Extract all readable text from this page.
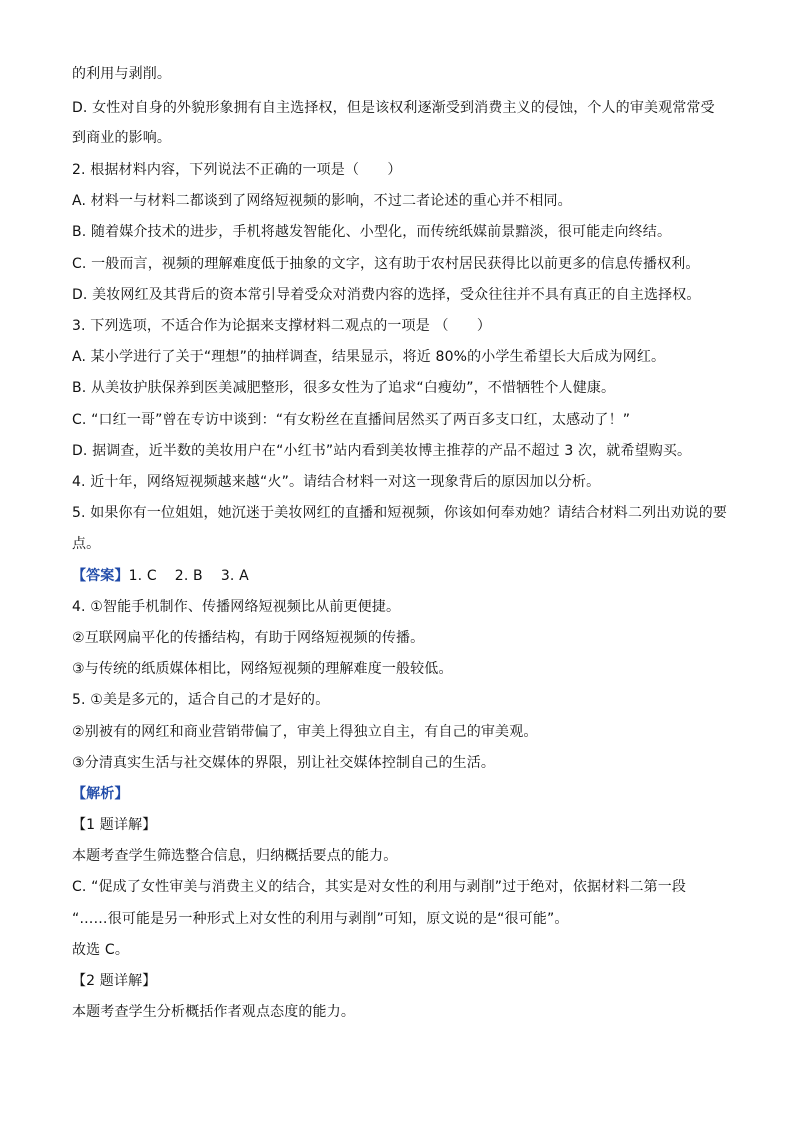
的利用与剥削。
D. 女性对自身的外貌形象拥有自主选择权，但是该权利逐渐受到消费主义的侵蚀，个人的审美观常常受
到商业的影响。
2. 根据材料内容，下列说法不正确的一项是（　　）
A. 材料一与材料二都谈到了网络短视频的影响，不过二者论述的重心并不相同。
B. 随着媒介技术的进步，手机将越发智能化、小型化，而传统纸媒前景黯淡，很可能走向终结。
C. 一般而言，视频的理解难度低于抽象的文字，这有助于农村居民获得比以前更多的信息传播权利。
D. 美妆网红及其背后的资本常引导着受众对消费内容的选择，受众往往并不具有真正的自主选择权。
3. 下列选项，不适合作为论据来支撑材料二观点的一项是 （　　）
A. 某小学进行了关于“理想”的抽样调查，结果显示，将近 80%的小学生希望长大后成为网红。
B. 从美妆护肤保养到医美减肥整形，很多女性为了追求“白瘦幼”，不惜牺牲个人健康。
C. “口红一哥”曾在专访中谈到：“有女粉丝在直播间居然买了两百多支口红，太感动了！”
D. 据调查，近半数的美妆用户在“小红书”站内看到美妆博主推荐的产品不超过 3 次，就希望购买。
4. 近十年，网络短视频越来越“火”。请结合材料一对这一现象背后的原因加以分析。
5. 如果你有一位姐姐，她沉迷于美妆网红的直播和短视频，你该如何奉劝她？请结合材料二列出劝说的要
点。
【答案】1. C 2. B 3. A
4. ①智能手机制作、传播网络短视频比从前更便捷。
②互联网扁平化的传播结构，有助于网络短视频的传播。
③与传统的纸质媒体相比，网络短视频的理解难度一般较低。
5. ①美是多元的，适合自己的才是好的。
②别被有的网红和商业营销带偏了，审美上得独立自主，有自己的审美观。
③分清真实生活与社交媒体的界限，别让社交媒体控制自己的生活。
【解析】
【1 题详解】
本题考查学生筛选整合信息，归纳概括要点的能力。
C. “促成了女性审美与消费主义的结合，其实是对女性的利用与剥削”过于绝对，依据材料二第一段
“……很可能是另一种形式上对女性的利用与剥削”可知，原文说的是“很可能”。
故选 C。
【2 题详解】
本题考查学生分析概括作者观点态度的能力。
